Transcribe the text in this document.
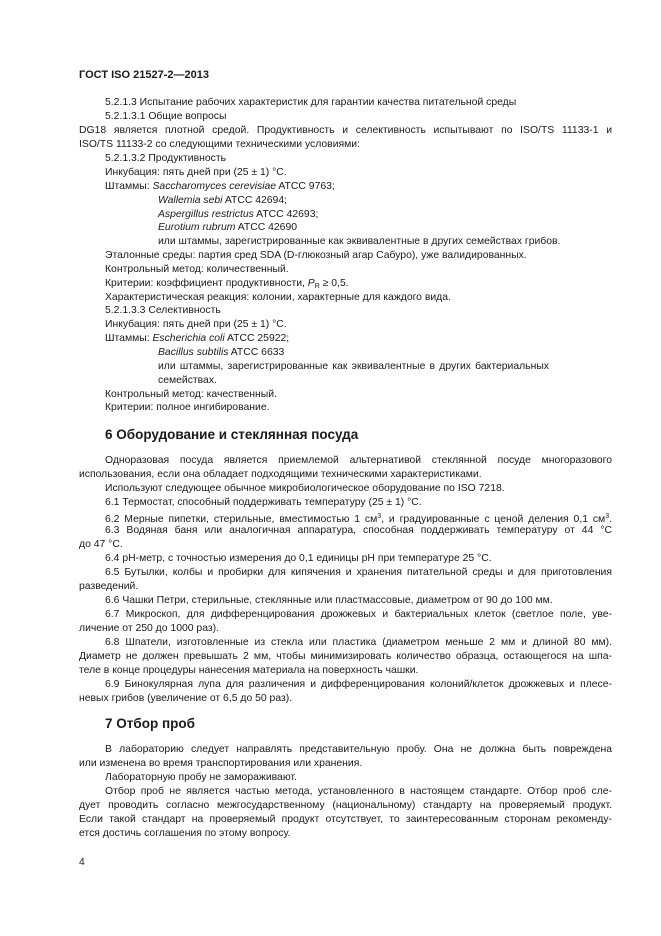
ГОСТ ISO 21527-2—2013
5.2.1.3 Испытание рабочих характеристик для гарантии качества питательной среды
5.2.1.3.1 Общие вопросы
DG18 является плотной средой. Продуктивность и селективность испытывают по ISO/TS 11133-1 и
ISO/TS 11133-2 со следующими техническими условиями:
5.2.1.3.2 Продуктивность
Инкубация: пять дней при (25 ± 1) °С.
Штаммы: Saccharomyces cerevisiae ATCC 9763;
Wallemia sebi ATCC 42694;
Aspergillus restrictus ATCC 42693;
Eurotium rubrum ATCC 42690
или штаммы, зарегистрированные как эквивалентные в других семействах грибов.
Эталонные среды: партия сред SDA (D-глюкозный агар Сабуро), уже валидированных.
Контрольный метод: количественный.
Критерии: коэффициент продуктивности, $P_R \ge 0,5$.
Характеристическая реакция: колонии, характерные для каждого вида.
5.2.1.3.3 Селективность
Инкубация: пять дней при (25 ± 1) °С.
Штаммы: Escherichia coli ATCC 25922;
Bacillus subtilis ATCC 6633
или штаммы, зарегистрированные как эквивалентные в других бактериальных
семействах.
Контрольный метод: качественный.
Критерии: полное ингибирование.
6 Оборудование и стеклянная посуда
Одноразовая посуда является приемлемой альтернативой стеклянной посуде многоразового
использования, если она обладает подходящими техническими характеристиками.
Используют следующее обычное микробиологическое оборудование по ISO 7218.
6.1 Термостат, способный поддерживать температуру (25 ± 1) °С.
6.2 Мерные пипетки, стерильные, вместимостью 1 $см^3$, и градуированные с ценой деления 0,1 $см^3$.
6.3 Водяная баня или аналогичная аппаратура, способная поддерживать температуру от 44 °С
до 47 °С.
6.4 pH-метр, с точностью измерения до 0,1 единицы pH при температуре 25 °С.
6.5 Бутылки, колбы и пробирки для кипячения и хранения питательной среды и для приготовления
разведений.
6.6 Чашки Петри, стерильные, стеклянные или пластмассовые, диаметром от 90 до 100 мм.
6.7 Микроскоп, для дифференцирования дрожжевых и бактериальных клеток (светлое поле, уве-
личение от 250 до 1000 раз).
6.8 Шпатели, изготовленные из стекла или пластика (диаметром меньше 2 мм и длиной 80 мм).
Диаметр не должен превышать 2 мм, чтобы минимизировать количество образца, остающегося на шпа-
теле в конце процедуры нанесения материала на поверхность чашки.
6.9 Бинокулярная лупа для различения и дифференцирования колоний/клеток дрожжевых и плесе-
невых грибов (увеличение от 6,5 до 50 раз).
7 Отбор проб
В лабораторию следует направлять представительную пробу. Она не должна быть повреждена
или изменена во время транспортирования или хранения.
Лабораторную пробу не замораживают.
Отбор проб не является частью метода, установленного в настоящем стандарте. Отбор проб сле-
дует проводить согласно межгосударственному (национальному) стандарту на проверяемый продукт.
Если такой стандарт на проверяемый продукт отсутствует, то заинтересованным сторонам рекоменду-
ется достичь соглашения по этому вопросу.
4
